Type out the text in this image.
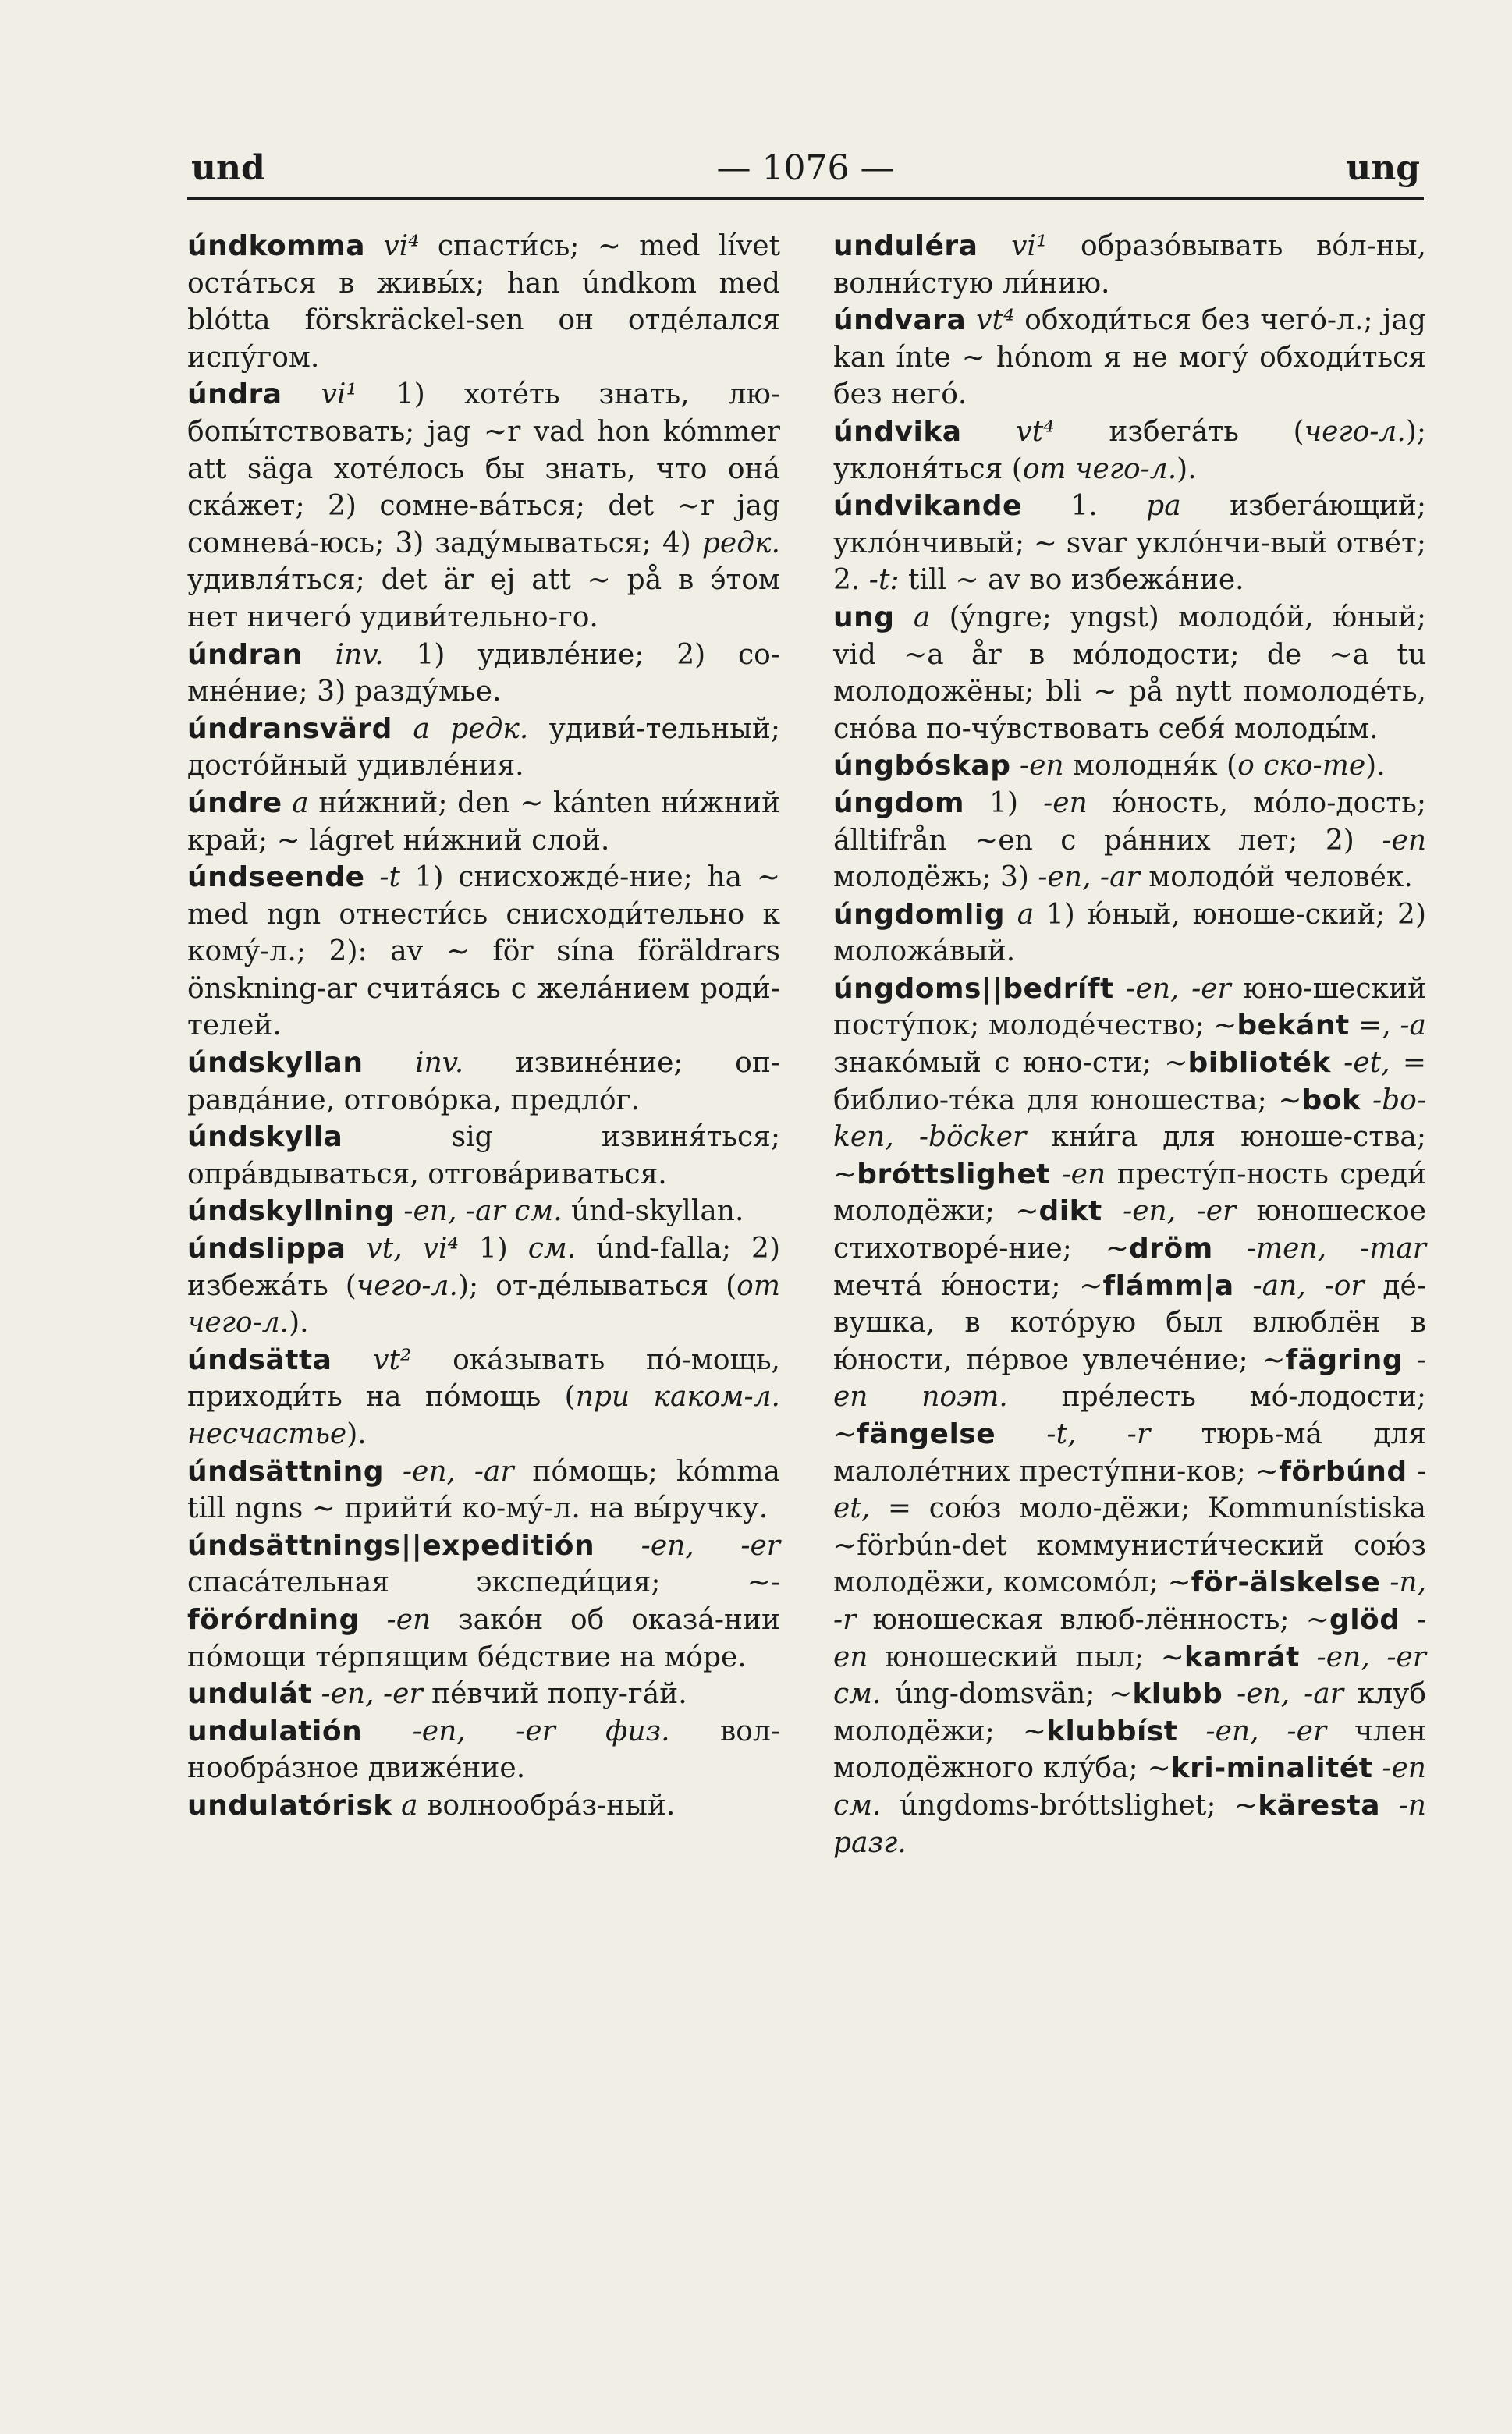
und	— 1076 —	ung

úndkomma vi⁴ спасти́сь; ~ med lívet оста́ться в живы́х; han úndkom med blótta förskräckel-sen он отде́лался испу́гом.

úndra vi¹ 1) хоте́ть знать, лю-бопы́тствовать; jag ~r vad hon kómmer att säga хоте́лось бы знать, что она́ ска́жет; 2) сомне-ва́ться; det ~r jag сомнева́-юсь; 3) заду́мываться; 4) редк. удивля́ться; det är ej att ~ på в э́том нет ничего́ удиви́тельно-го.

úndran inv. 1) удивле́ние; 2) со-мне́ние; 3) разду́мье.

úndransvärd a редк. удиви́-тельный; досто́йный удивле́ния.

úndre a ни́жний; den ~ kánten ни́жний край; ~ lágret ни́жний слой.

úndseende -t 1) снисхожде́-ние; ha ~ med ngn отнести́сь снисходи́тельно к кому́-л.; 2): av ~ för sína föräldrars önskning-ar счита́ясь с жела́нием роди́-телей.

úndskyllan inv. извине́ние; оп-равда́ние, отгово́рка, предло́г.

úndskylla sig извиня́ться; опра́вдываться, отгова́риваться.

úndskyllning -en, -ar см. únd-skyllan.

úndslippa vt, vi⁴ 1) см. únd-falla; 2) избежа́ть (чего-л.); от-де́лываться (от чего-л.).

úndsätta vt² ока́зывать по́-мощь, приходи́ть на по́мощь (при каком-л. несчастье).

úndsättning -en, -ar по́мощь; kómma till ngns ~ прийти́ ко-му́-л. на вы́ручку.

úndsättnings||expeditión -en, -er спаса́тельная экспеди́ция; ~-förórdning -en зако́н об оказа́-нии по́мощи те́рпящим бе́дствие на мо́ре.

undulát -en, -er пе́вчий попу-га́й.

undulatión -en, -er физ. вол-нообра́зное движе́ние.

undulatórisk a волнообра́з-ный.

unduléra vi¹ образо́вывать во́л-ны, волни́стую ли́нию.

úndvara vt⁴ обходи́ться без чего́-л.; jag kan ínte ~ hónom я не могу́ обходи́ться без него́.

úndvika vt⁴ избега́ть (чего-л.); уклоня́ться (от чего-л.).

úndvikande 1. pa избега́ющий; укло́нчивый; ~ svar укло́нчи-вый отве́т; 2. -t: till ~ av во избежа́ние.

ung a (ýngre; yngst) молодо́й, ю́ный; vid ~a år в мо́лодости; de ~a tu молодожёны; bli ~ på nytt помолоде́ть, сно́ва по-чу́вствовать себя́ молоды́м.

úngbóskap -en молодня́к (о ско-те).

úngdom 1) -en ю́ность, мо́ло-дость; álltifrån ~en с ра́нних лет; 2) -en молодёжь; 3) -en, -ar молодо́й челове́к.

úngdomlig a 1) ю́ный, юноше-ский; 2) моложа́вый.

úngdoms||bedríft -en, -er юно-шеский посту́пок; молоде́чество; ~bekánt =, -a знако́мый с юно-сти; ~biblioték -et, = библио-те́ка для юношества; ~bok -bo-ken, -böcker кни́га для юноше-ства; ~bróttslighet -en престу́п-ность среди́ молодёжи; ~dikt -en, -er юношеское стихотворе́-ние; ~dröm -men, -mar мечта́ ю́ности; ~flámm|a -an, -or де́-вушка, в кото́рую был влюблён в ю́ности, пе́рвое увлече́ние; ~fägring -en поэт. пре́лесть мо́-лодости; ~fängelse -t, -r тюрь-ма́ для малоле́тних престу́пни-ков; ~förbúnd -et, = сою́з моло-дёжи; Kommunístiska ~förbún-det коммунисти́ческий сою́з молодёжи, комсомо́л; ~för-älskelse -n, -r юношеская влюб-лённость; ~glöd -en юношеский пыл; ~kamrát -en, -er см. úng-domsvän; ~klubb -en, -ar клуб молодёжи; ~klubbíst -en, -er член молодёжного клу́ба; ~kri-minalitét -en см. úngdoms-bróttslighet; ~käresta -n разг.
